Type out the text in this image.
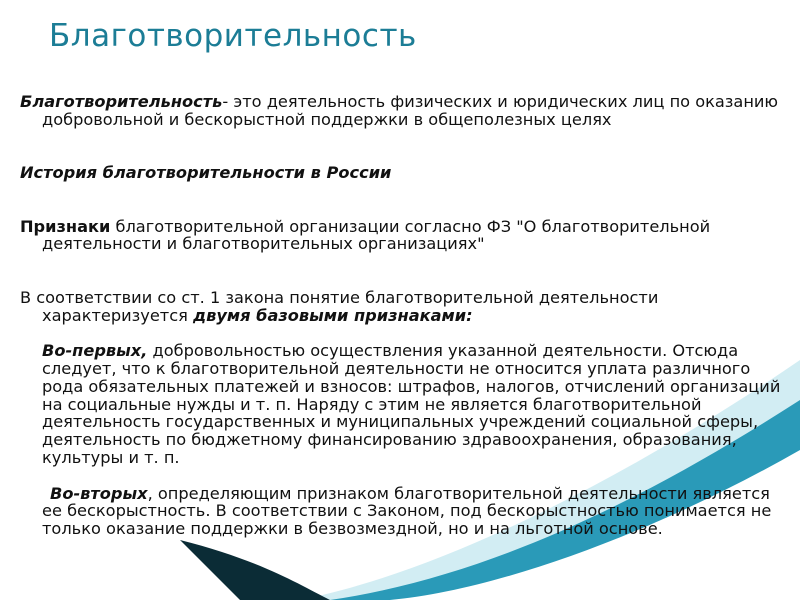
Благотворительность

Благотворительность- это деятельность физических и юридических лиц по оказанию добровольной и бескорыстной поддержки в общеполезных целях

История благотворительности в России

Признаки благотворительной организации согласно ФЗ "О благотворительной деятельности и благотворительных организациях"

В соответствии со ст. 1 закона понятие благотворительной деятельности характеризуется двумя базовыми признаками:

Во-первых, добровольностью осуществления указанной деятельности. Отсюда следует, что к благотворительной деятельности не относится уплата различного рода обязательных платежей и взносов: штрафов, налогов, отчислений организаций на социальные нужды и т. п. Наряду с этим не является благотворительной деятельность государственных и муниципальных учреждений социальной сферы, деятельность по бюджетному финансированию здравоохранения, образования, культуры и т. п.

Во-вторых, определяющим признаком благотворительной деятельности является ее бескорыстность. В соответствии с Законом, под бескорыстностью понимается не только оказание поддержки в безвозмездной, но и на льготной основе.
